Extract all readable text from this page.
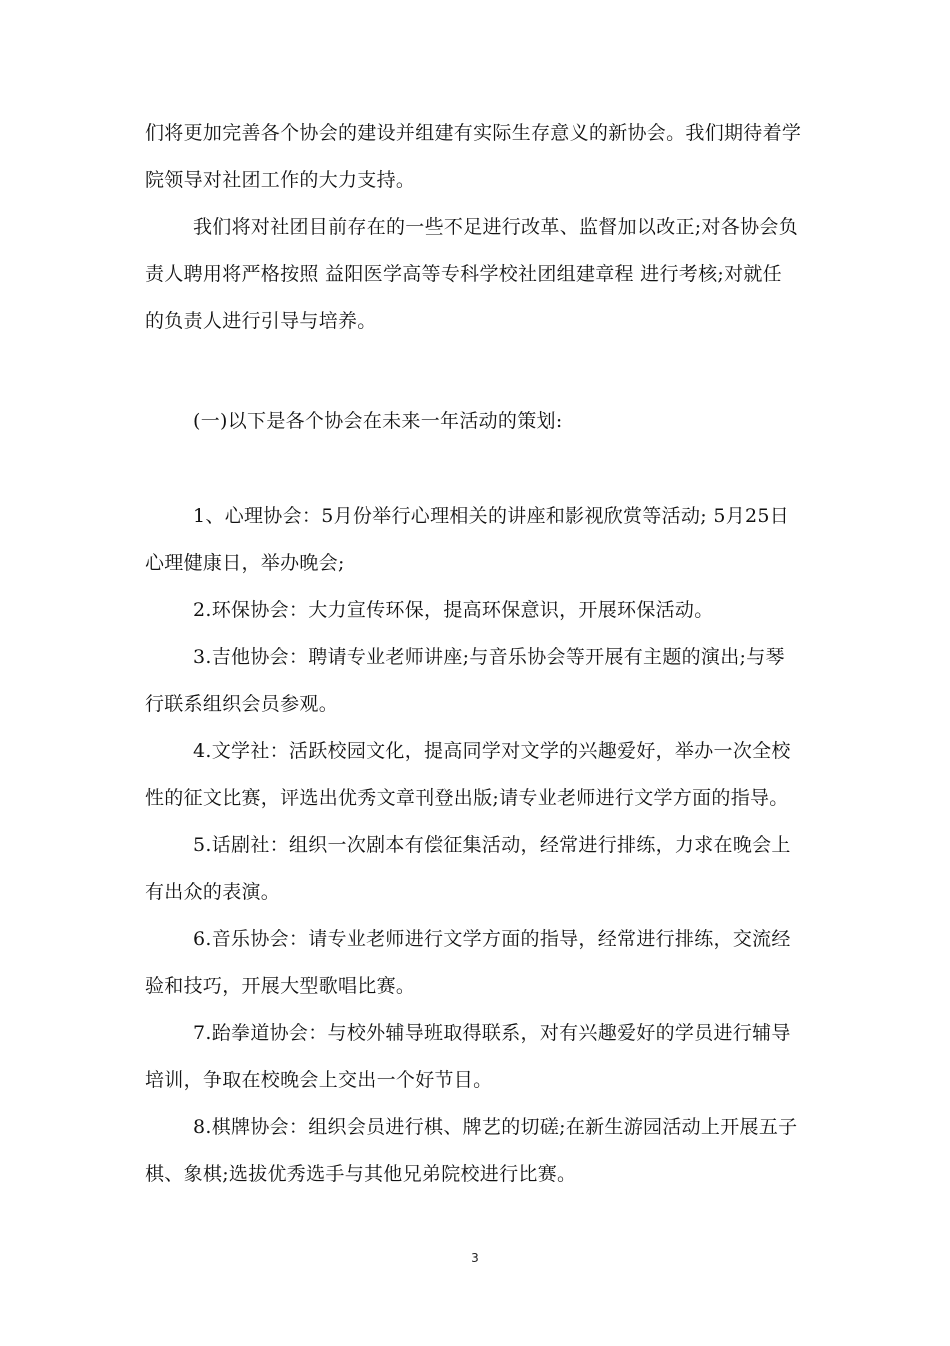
们将更加完善各个协会的建设并组建有实际生存意义的新协会。我们期待着学
院领导对社团工作的大力支持。
我们将对社团目前存在的一些不足进行改革、监督加以改正;对各协会负
责人聘用将严格按照 益阳医学高等专科学校社团组建章程 进行考核;对就任
的负责人进行引导与培养。
(一)以下是各个协会在未来一年活动的策划:
1、心理协会：5月份举行心理相关的讲座和影视欣赏等活动; 5月25日
心理健康日，举办晚会;
2.环保协会：大力宣传环保，提高环保意识，开展环保活动。
3.吉他协会：聘请专业老师讲座;与音乐协会等开展有主题的演出;与琴
行联系组织会员参观。
4.文学社：活跃校园文化，提高同学对文学的兴趣爱好，举办一次全校
性的征文比赛，评选出优秀文章刊登出版;请专业老师进行文学方面的指导。
5.话剧社：组织一次剧本有偿征集活动，经常进行排练，力求在晚会上
有出众的表演。
6.音乐协会：请专业老师进行文学方面的指导，经常进行排练，交流经
验和技巧，开展大型歌唱比赛。
7.跆拳道协会：与校外辅导班取得联系，对有兴趣爱好的学员进行辅导
培训，争取在校晚会上交出一个好节目。
8.棋牌协会：组织会员进行棋、牌艺的切磋;在新生游园活动上开展五子
棋、象棋;选拔优秀选手与其他兄弟院校进行比赛。
3
